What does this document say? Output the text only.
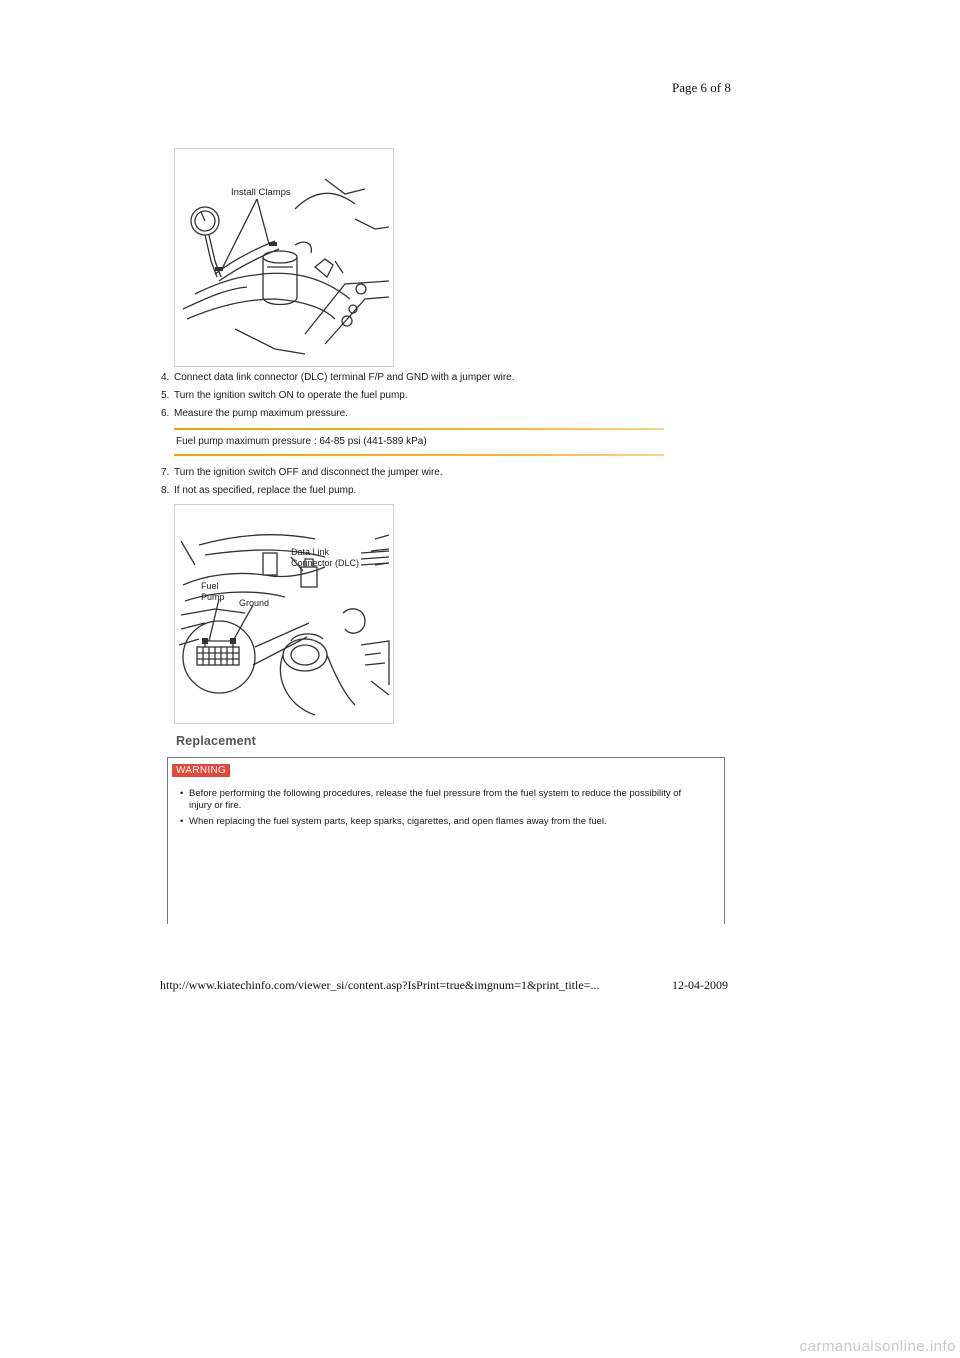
Page 6 of 8
Install Clamps
4. Connect data link connector (DLC) terminal F/P and GND with a jumper wire.
5. Turn the ignition switch ON to operate the fuel pump.
6. Measure the pump maximum pressure.
Fuel pump maximum pressure : 64-85 psi (441-589 kPa)
7. Turn the ignition switch OFF and disconnect the jumper wire.
8. If not as specified, replace the fuel pump.
Data Link
Connector (DLC)
Fuel
Pump
Ground
Replacement
WARNING
• Before performing the following procedures, release the fuel pressure from the fuel system to reduce the possibility of injury or fire.
• When replacing the fuel system parts, keep sparks, cigarettes, and open flames away from the fuel.
http://www.kiatechinfo.com/viewer_si/content.asp?IsPrint=true&imgnum=1&print_title=...	12-04-2009
carmanualsonline.info
